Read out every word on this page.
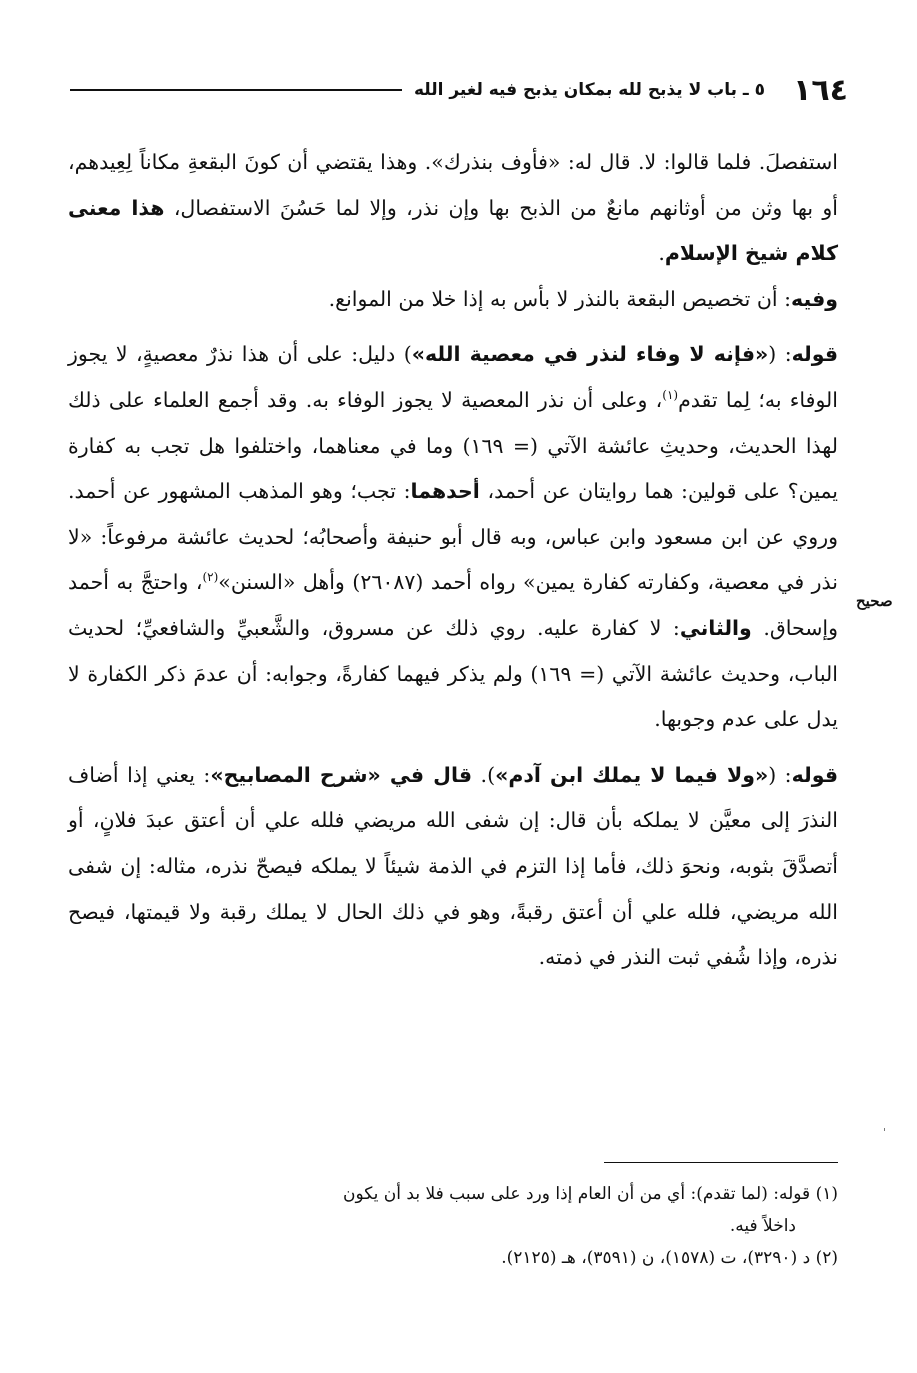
١٦٤
٥ ـ باب لا يذبح لله بمكان يذبح فيه لغير الله

استفصلَ. فلما قالوا: لا. قال له: «فأوف بنذرك». وهذا يقتضي أن كونَ البقعةِ مكاناً لِعِيدهم، أو بها وثن من أوثانهم مانعٌ من الذبح بها وإن نذر، وإلا لما حَسُنَ الاستفصال، هذا معنى كلام شيخ الإسلام.
وفيه: أن تخصيص البقعة بالنذر لا بأس به إذا خلا من الموانع.

قوله: («فإنه لا وفاء لنذر في معصية الله») دليل: على أن هذا نذرٌ معصيةٍ، لا يجوز الوفاء به؛ لِما تقدم$^{(١)}$، وعلى أن نذر المعصية لا يجوز الوفاء به. وقد أجمع العلماء على ذلك لهذا الحديث، وحديثِ عائشة الآتي (= ١٦٩) وما في معناهما، واختلفوا هل تجب به كفارة يمين؟ على قولين: هما روايتان عن أحمد، أحدهما: تجب؛ وهو المذهب المشهور عن أحمد. وروي عن ابن مسعود وابن عباس، وبه قال أبو حنيفة وأصحابُه؛ لحديث عائشة مرفوعاً: «لا نذر في معصية، وكفارته كفارة يمين» رواه أحمد (٢٦٠٨٧) وأهل «السنن»$^{(٢)}$، واحتجَّ به أحمد وإسحاق. والثاني: لا كفارة عليه. روي ذلك عن مسروق، والشَّعبيِّ والشافعيِّ؛ لحديث الباب، وحديث عائشة الآتي (= ١٦٩) ولم يذكر فيهما كفارةً، وجوابه: أن عدمَ ذكر الكفارة لا يدل على عدم وجوبها.

قوله: («ولا فيما لا يملك ابن آدم»). قال في «شرح المصابيح»: يعني إذا أضاف النذرَ إلى معيَّن لا يملكه بأن قال: إن شفى الله مريضي فلله علي أن أعتق عبدَ فلانٍ، أو أتصدَّقَ بثوبه، ونحوَ ذلك، فأما إذا التزم في الذمة شيئاً لا يملكه فيصحّ نذره، مثاله: إن شفى الله مريضي، فلله علي أن أعتق رقبةً، وهو في ذلك الحال لا يملك رقبة ولا قيمتها، فيصح نذره، وإذا شُفي ثبت النذر في ذمته.

صحيح

(١) قوله: (لما تقدم): أي من أن العام إذا ورد على سبب فلا بد أن يكون

داخلاً فيه.

(٢) د (٣٢٩٠)، ت (١٥٧٨)، ن (٣٥٩١)، هـ (٢١٢٥).
